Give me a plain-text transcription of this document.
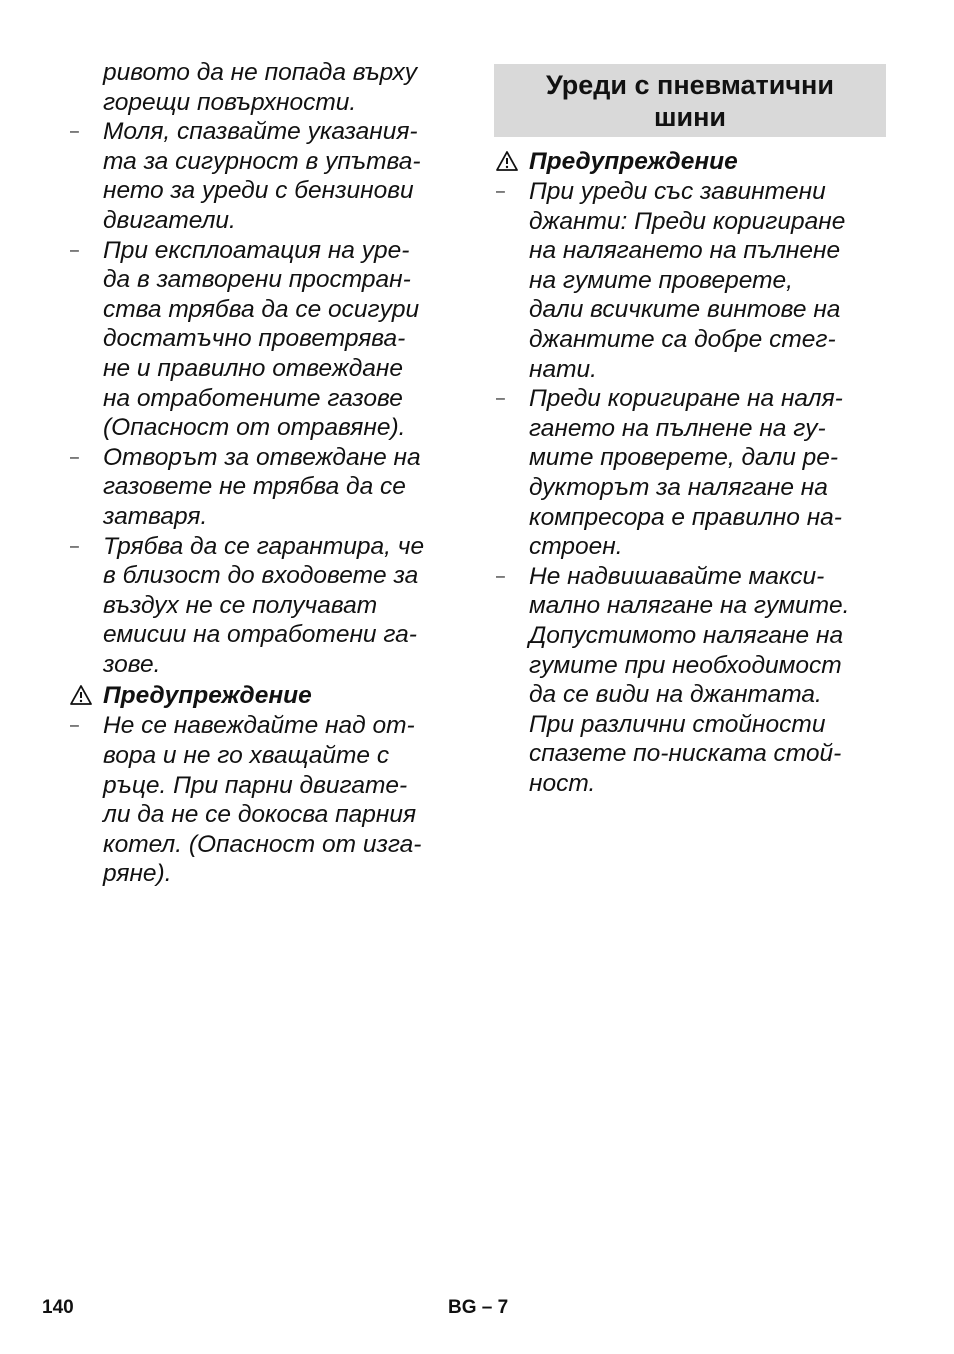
ривото да не попада върху
горещи повърхности.
– Моля, спазвайте указания-
та за сигурност в упътва-
нето за уреди с бензинови
двигатели.
– При експлоатация на уре-
да в затворени простран-
ства трябва да се осигури
достатъчно проветрява-
не и правилно отвеждане
на отработените газове
(Опасност от отравяне).
– Отворът за отвеждане на
газовете не трябва да се
затваря.
– Трябва да се гарантира, че
в близост до входовете за
въздух не се получават
емисии на отработени га-
зове.
Предупреждение
– Не се навеждайте над от-
вора и не го хващайте с
ръце. При парни двигате-
ли да не се докосва парния
котел. (Опасност от изга-
ряне).
Уреди с пневматични
шини
Предупреждение
– При уреди със завинтени
джанти: Преди коригиране
на налягането на пълнене
на гумите проверете,
дали всичките винтове на
джантите са добре стег-
нати.
– Преди коригиране на наля-
гането на пълнене на гу-
мите проверете, дали ре-
дукторът за налягане на
компресора е правилно на-
строен.
– Не надвишавайте макси-
мално налягане на гумите.
Допустимото налягане на
гумите при необходимост
да се види на джантата.
При различни стойности
спазете по-ниската стой-
ност.
140	BG – 7
